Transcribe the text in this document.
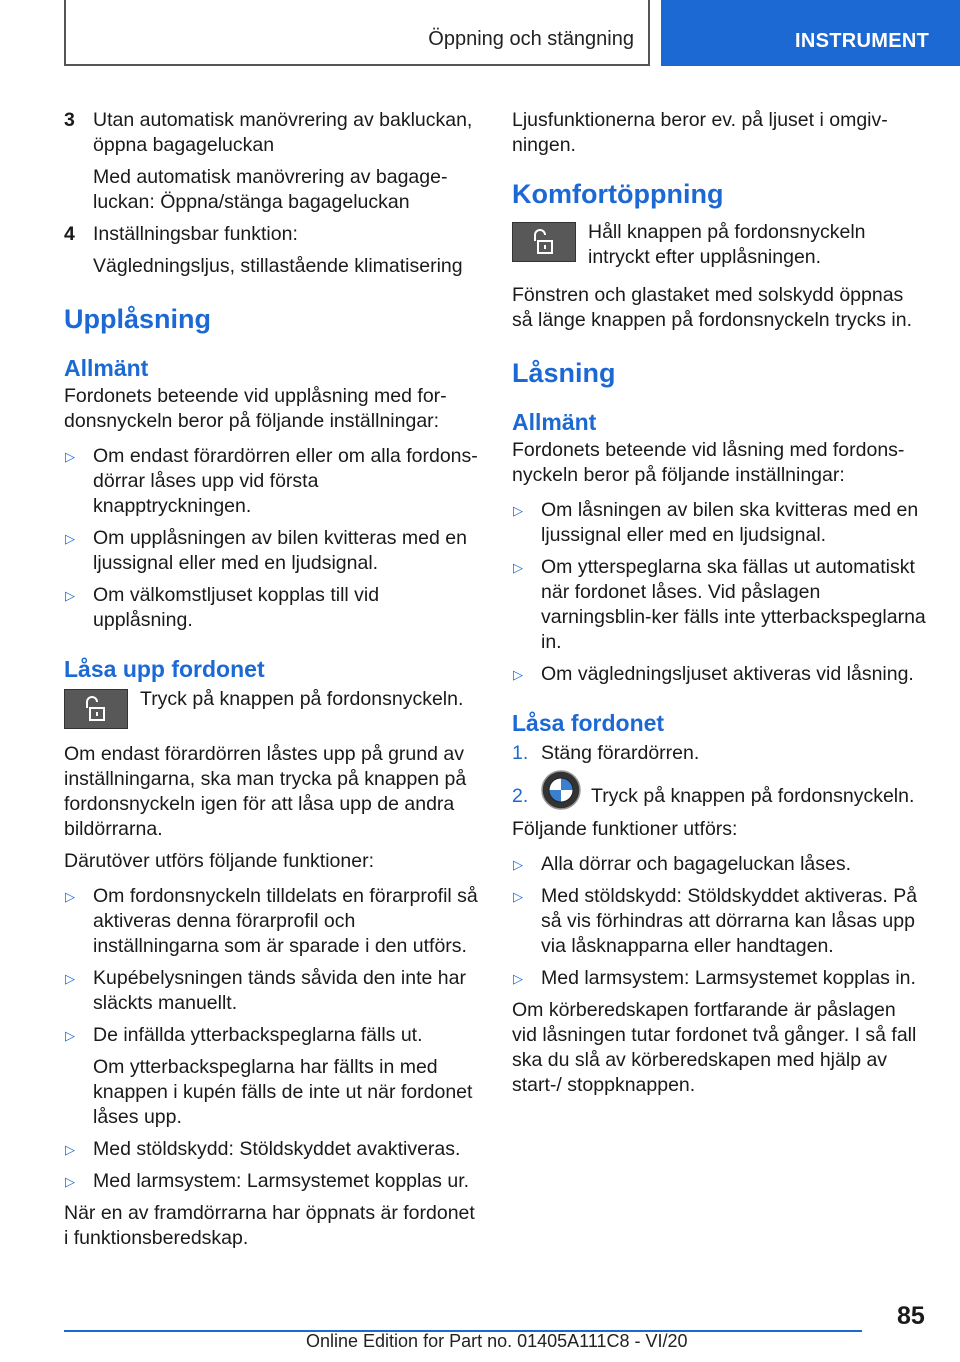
Öppning och stängning	INSTRUMENT
3 Utan automatisk manövrering av bakluckan, öppna bagageluckan
Med automatisk manövrering av bagage-luckan: Öppna/stänga bagageluckan
4 Inställningsbar funktion:
Vägledningsljus, stillastående klimatisering
Upplåsning
Allmänt
Fordonets beteende vid upplåsning med for-donsnyckeln beror på följande inställningar:
▷ Om endast förardörren eller om alla fordons-dörrar låses upp vid första knapptryckningen.
▷ Om upplåsningen av bilen kvitteras med en ljussignal eller med en ljudsignal.
▷ Om välkomstljuset kopplas till vid upplåsning.
Låsa upp fordonet
Tryck på knappen på fordonsnyckeln.
Om endast förardörren låstes upp på grund av inställningarna, ska man trycka på knappen på fordonsnyckeln igen för att låsa upp de andra bildörrarna.
Därutöver utförs följande funktioner:
▷ Om fordonsnyckeln tilldelats en förarprofil så aktiveras denna förarprofil och inställningarna som är sparade i den utförs.
▷ Kupébelysningen tänds såvida den inte har släckts manuellt.
▷ De infällda ytterbackspeglarna fälls ut.
Om ytterbackspeglarna har fällts in med knappen i kupén fälls de inte ut när fordonet låses upp.
▷ Med stöldskydd: Stöldskyddet avaktiveras.
▷ Med larmsystem: Larmsystemet kopplas ur.
När en av framdörrarna har öppnats är fordonet i funktionsberedskap.
Ljusfunktionerna beror ev. på ljuset i omgiv-ningen.
Komfortöppning
Håll knappen på fordonsnyckeln intryckt efter upplåsningen.
Fönstren och glastaket med solskydd öppnas så länge knappen på fordonsnyckeln trycks in.
Låsning
Allmänt
Fordonets beteende vid låsning med fordons-nyckeln beror på följande inställningar:
▷ Om låsningen av bilen ska kvitteras med en ljussignal eller med en ljudsignal.
▷ Om ytterspeglarna ska fällas ut automatiskt när fordonet låses. Vid påslagen varningsblin-ker fälls inte ytterbackspeglarna in.
▷ Om vägledningsljuset aktiveras vid låsning.
Låsa fordonet
1. Stäng förardörren.
2.	Tryck på knappen på fordonsnyckeln.
Följande funktioner utförs:
▷ Alla dörrar och bagageluckan låses.
▷ Med stöldskydd: Stöldskyddet aktiveras. På så vis förhindras att dörrarna kan låsas upp via låsknapparna eller handtagen.
▷ Med larmsystem: Larmsystemet kopplas in.
Om körberedskapen fortfarande är påslagen vid låsningen tutar fordonet två gånger. I så fall ska du slå av körberedskapen med hjälp av start-/ stoppknappen.
85
Online Edition for Part no. 01405A111C8 - VI/20
